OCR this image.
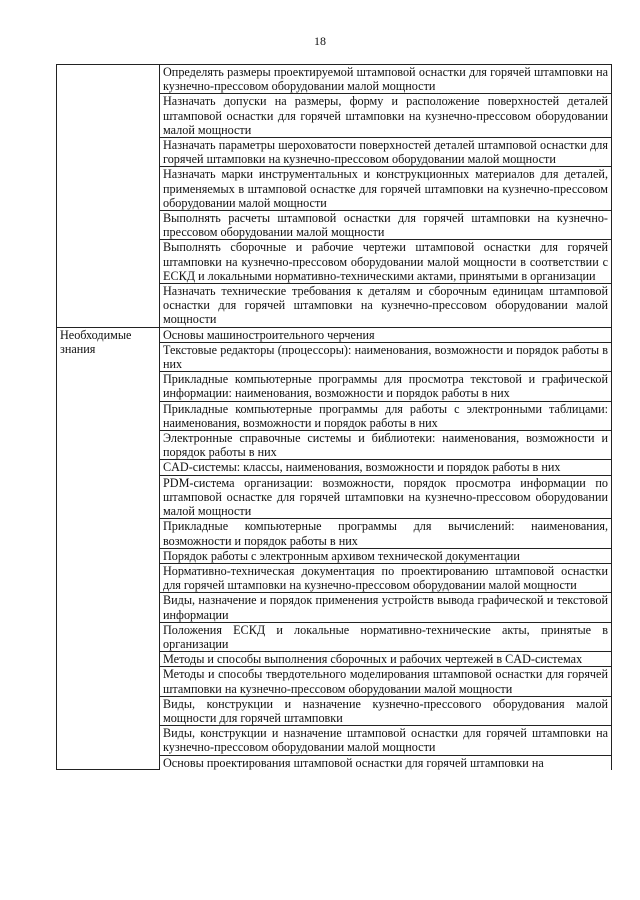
18
	Определять размеры проектируемой штамповой оснастки для горячей штамповки на кузнечно-прессовом оборудовании малой мощности
	Назначать допуски на размеры, форму и расположение поверхностей деталей штамповой оснастки для горячей штамповки на кузнечно-прессовом оборудовании малой мощности
	Назначать параметры шероховатости поверхностей деталей штамповой оснастки для горячей штамповки на кузнечно-прессовом оборудовании малой мощности
	Назначать марки инструментальных и конструкционных материалов для деталей, применяемых в штамповой оснастке для горячей штамповки на кузнечно-прессовом оборудовании малой мощности
	Выполнять расчеты штамповой оснастки для горячей штамповки на кузнечно-прессовом оборудовании малой мощности
	Выполнять сборочные и рабочие чертежи штамповой оснастки для горячей штамповки на кузнечно-прессовом оборудовании малой мощности в соответствии с ЕСКД и локальными нормативно-техническими актами, принятыми в организации
	Назначать технические требования к деталям и сборочным единицам штамповой оснастки для горячей штамповки на кузнечно-прессовом оборудовании малой мощности
Необходимые знания	Основы машиностроительного черчения
	Текстовые редакторы (процессоры): наименования, возможности и порядок работы в них
	Прикладные компьютерные программы для просмотра текстовой и графической информации: наименования, возможности и порядок работы в них
	Прикладные компьютерные программы для работы с электронными таблицами: наименования, возможности и порядок работы в них
	Электронные справочные системы и библиотеки: наименования, возможности и порядок работы в них
	CAD-системы: классы, наименования, возможности и порядок работы в них
	PDM-система организации: возможности, порядок просмотра информации по штамповой оснастке для горячей штамповки на кузнечно-прессовом оборудовании малой мощности
	Прикладные компьютерные программы для вычислений: наименования, возможности и порядок работы в них
	Порядок работы с электронным архивом технической документации
	Нормативно-техническая документация по проектированию штамповой оснастки для горячей штамповки на кузнечно-прессовом оборудовании малой мощности
	Виды, назначение и порядок применения устройств вывода графической и текстовой информации
	Положения ЕСКД и локальные нормативно-технические акты, принятые в организации
	Методы и способы выполнения сборочных и рабочих чертежей в CAD-системах
	Методы и способы твердотельного моделирования штамповой оснастки для горячей штамповки на кузнечно-прессовом оборудовании малой мощности
	Виды, конструкции и назначение кузнечно-прессового оборудования малой мощности для горячей штамповки
	Виды, конструкции и назначение штамповой оснастки для горячей штамповки на кузнечно-прессовом оборудовании малой мощности
	Основы проектирования штамповой оснастки для горячей штамповки на
